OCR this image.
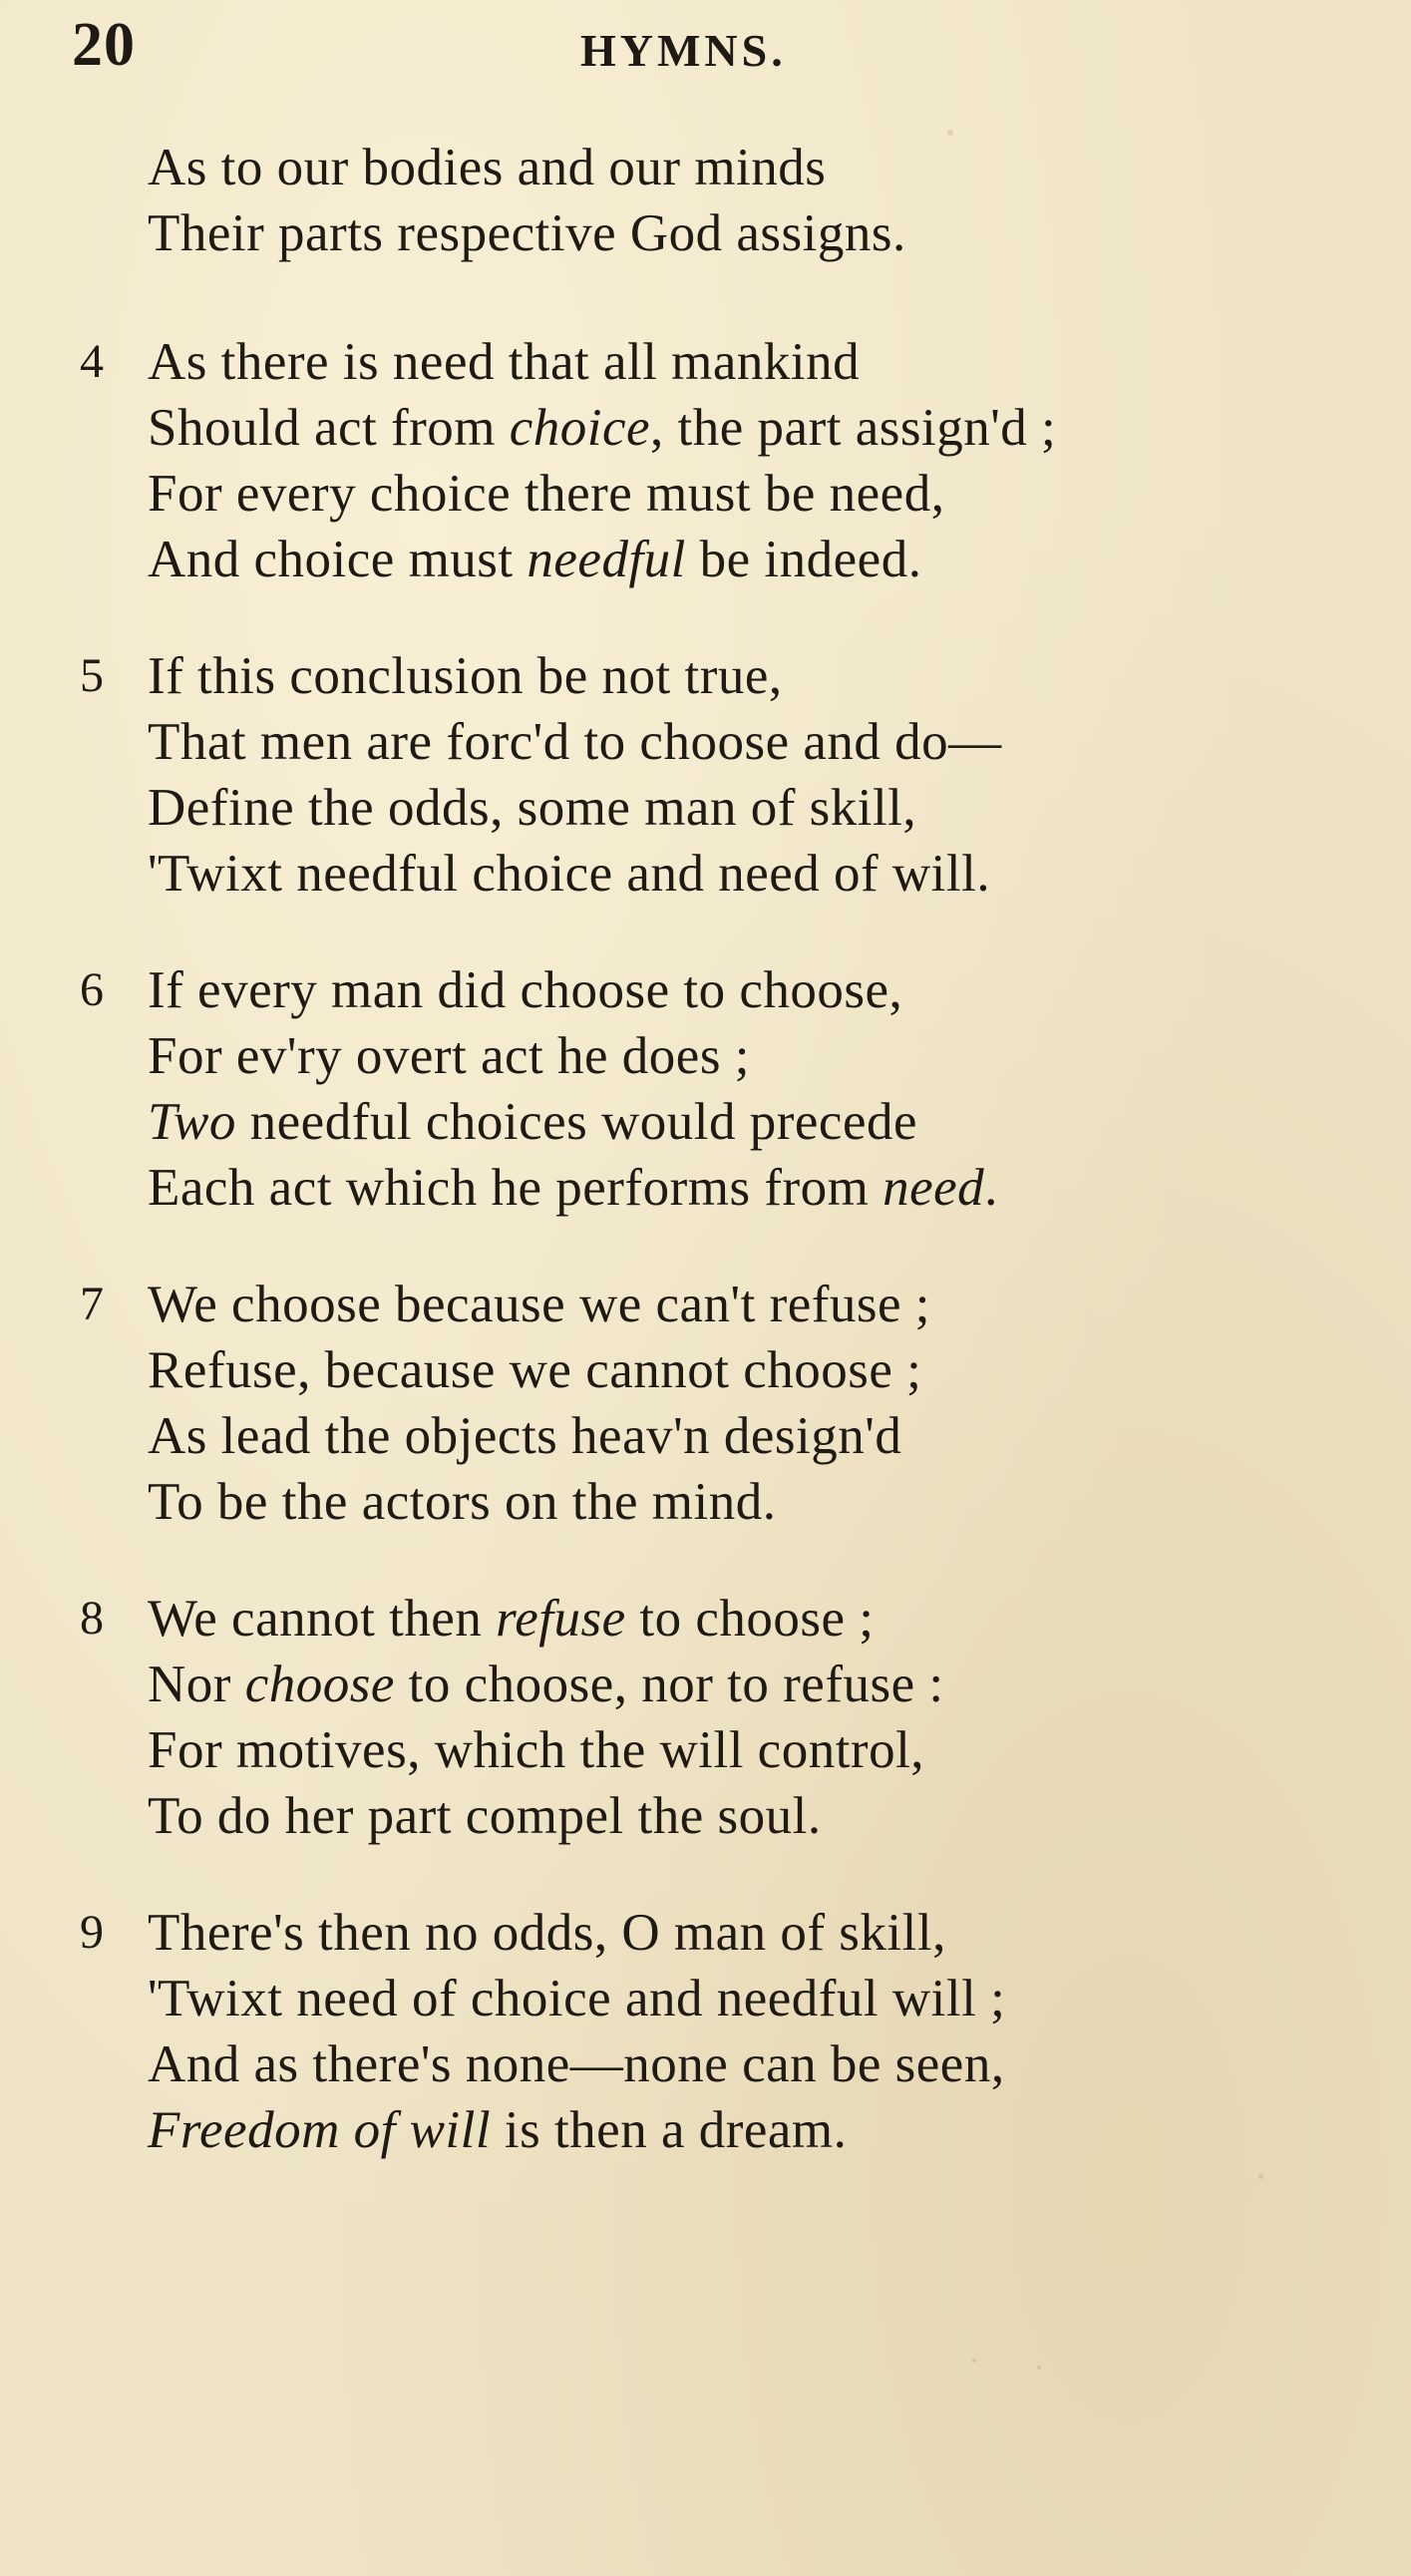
20	HYMNS.
As to our bodies and our minds
Their parts respective God assigns.
4 As there is need that all mankind
Should act from choice, the part assign'd ;
For every choice there must be need,
And choice must needful be indeed.
5 If this conclusion be not true,
That men are forc'd to choose and do—
Define the odds, some man of skill,
'Twixt needful choice and need of will.
6 If every man did choose to choose,
For ev'ry overt act he does ;
Two needful choices would precede
Each act which he performs from need.
7 We choose because we can't refuse ;
Refuse, because we cannot choose ;
As lead the objects heav'n design'd
To be the actors on the mind.
8 We cannot then refuse to choose ;
Nor choose to choose, nor to refuse :
For motives, which the will control,
To do her part compel the soul.
9 There's then no odds, O man of skill,
'Twixt need of choice and needful will ;
And as there's none—none can be seen,
Freedom of will is then a dream.
